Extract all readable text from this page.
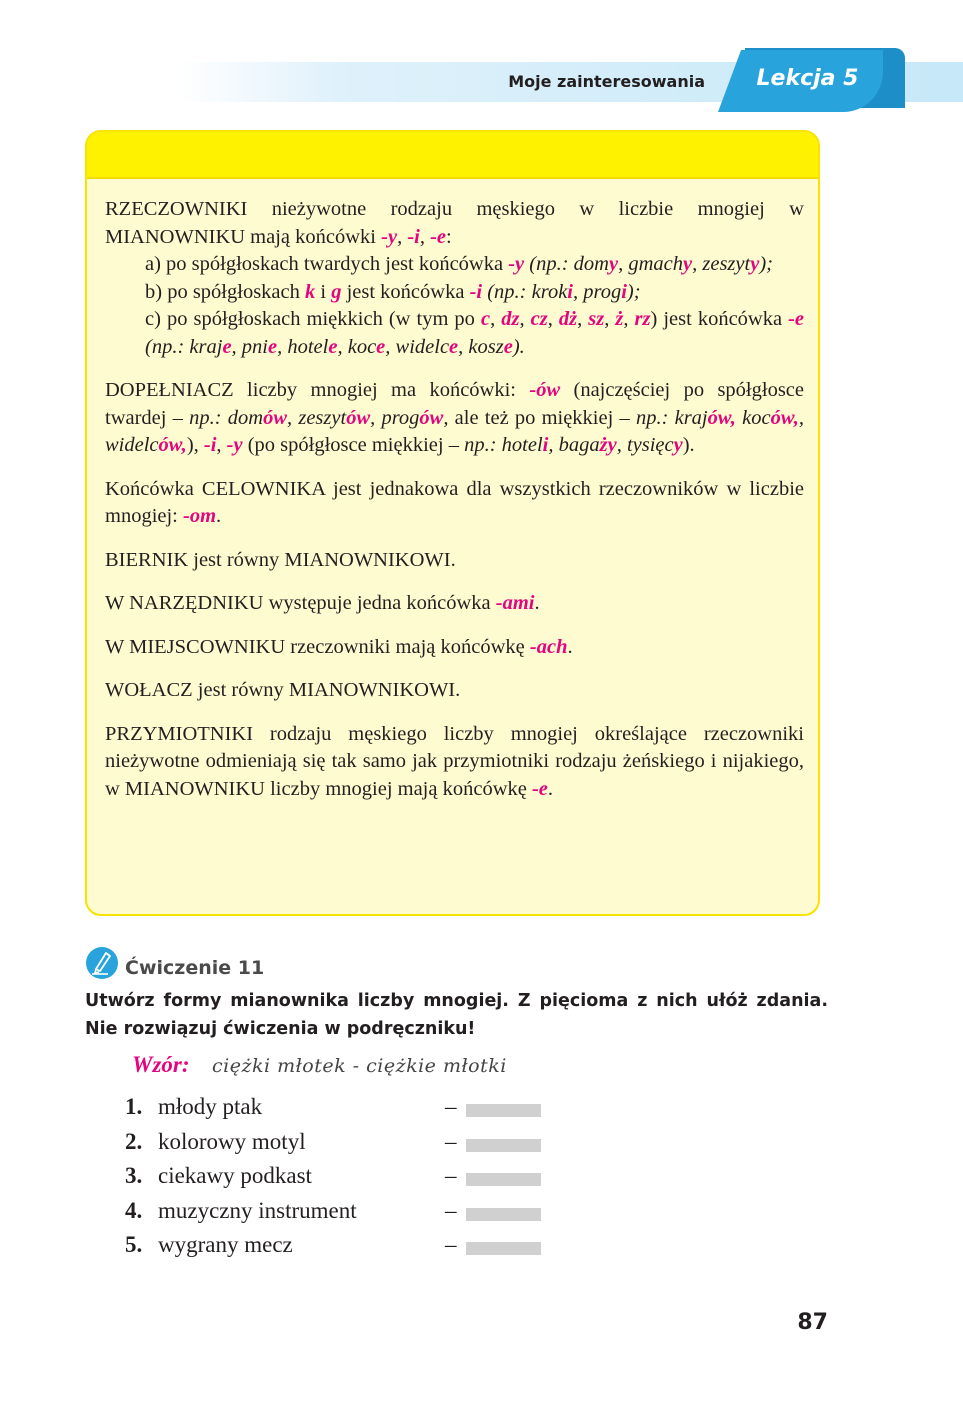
Moje zainteresowania	Lekcja 5

RZECZOWNIKI nieżywotne rodzaju męskiego w liczbie mnogiej w MIANOWNIKU mają końcówki -y, -i, -e:

a) po spółgłoskach twardych jest końcówka -y (np.: domy, gmachy, zeszyty);

b) po spółgłoskach k i g jest końcówka -i (np.: kroki, progi);

c) po spółgłoskach miękkich (w tym po c, dz, cz, dż, sz, ż, rz) jest końcówka -e (np.: kraje, pnie, hotele, koce, widelce, kosze).

DOPEŁNIACZ liczby mnogiej ma końcówki: -ów (najczęściej po spółgłosce twardej – np.: domów, zeszytów, progów, ale też po miękkiej – np.: krajów, koców,, widelców,), -i, -y (po spółgłosce miękkiej – np.: hoteli, bagaży, tysięcy).

Końcówka CELOWNIKA jest jednakowa dla wszystkich rzeczowników w liczbie mnogiej: -om.

BIERNIK jest równy MIANOWNIKOWI.

W NARZĘDNIKU występuje jedna końcówka -ami.

W MIEJSCOWNIKU rzeczowniki mają końcówkę -ach.

WOŁACZ jest równy MIANOWNIKOWI.

PRZYMIOTNIKI rodzaju męskiego liczby mnogiej określające rzeczowniki nieżywotne odmieniają się tak samo jak przymiotniki rodzaju żeńskiego i nijakiego, w MIANOWNIKU liczby mnogiej mają końcówkę -e.

Ćwiczenie 11
Utwórz formy mianownika liczby mnogiej. Z pięcioma z nich ułóż zdania. Nie rozwiązuj ćwiczenia w podręczniku!
Wzór: ciężki młotek - ciężkie młotki
1. młody ptak	–
2. kolorowy motyl	–
3. ciekawy podkast	–
4. muzyczny instrument	–
5. wygrany mecz	–
87
